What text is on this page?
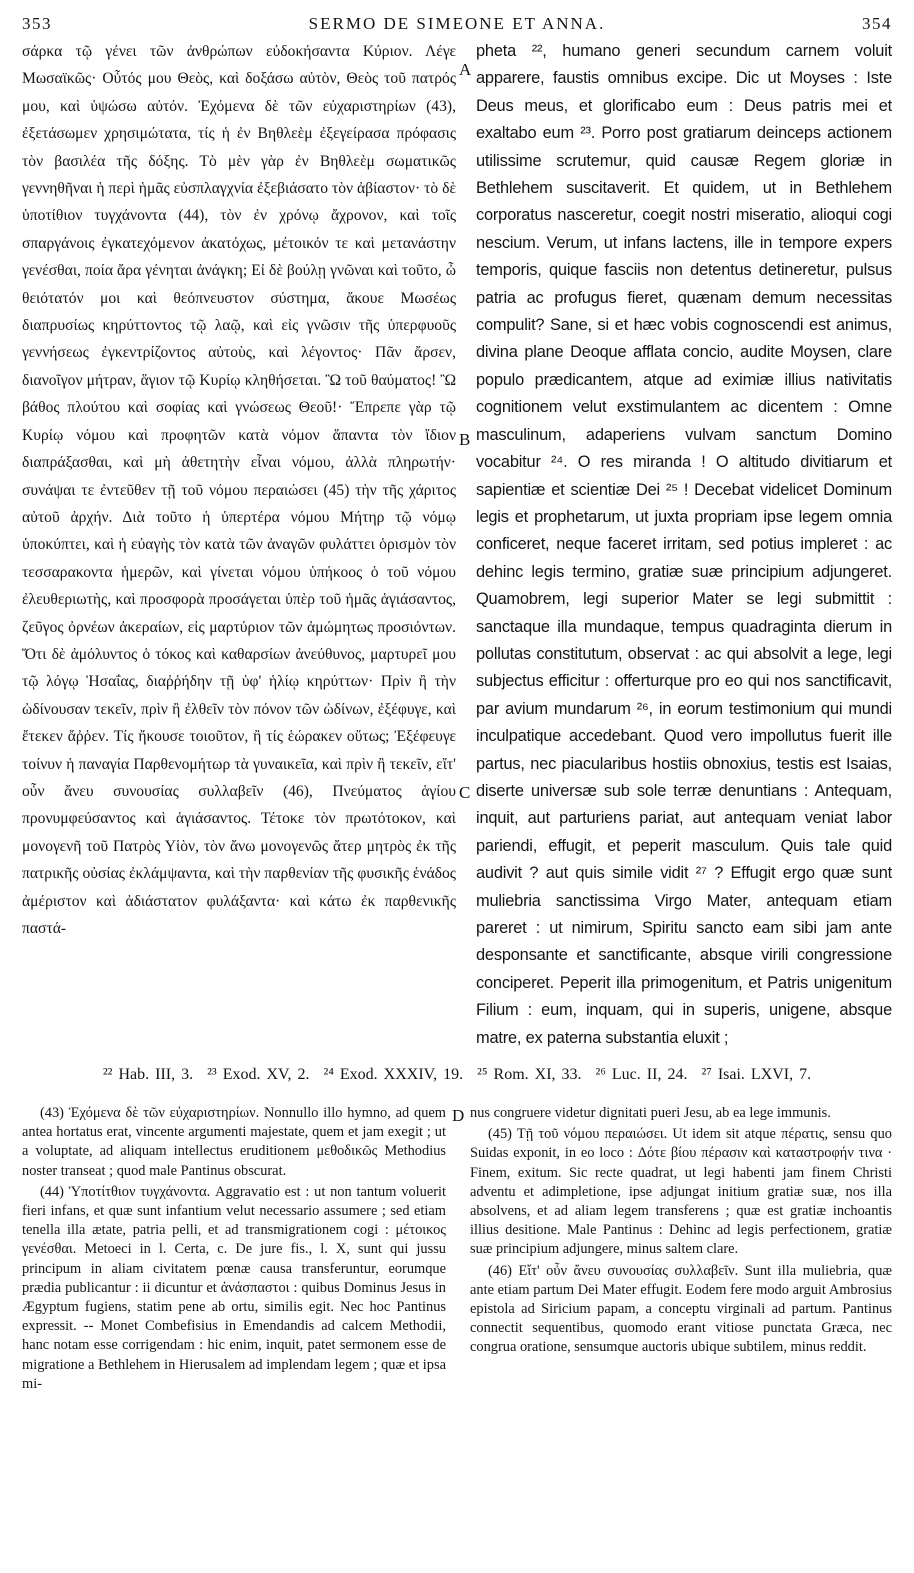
353	SERMO DE SIMEONE ET ANNA.	354

σάρκα τῷ γένει τῶν ἀνθρώπων εὐδοκήσαντα Κύριον. Λέγε Μωσαϊκῶς· Οὗτός μου Θεὸς, καὶ δοξάσω αὐτὸν, Θεὸς τοῦ πατρός μου, καὶ ὑψώσω αὐτόν. Ἐχόμενα δὲ τῶν εὐχαριστηρίων (43), ἐξετάσωμεν χρησιμώτατα, τίς ἡ ἐν Βηθλεὲμ ἐξεγείρασα πρόφασις τὸν βασιλέα τῆς δόξης. Τὸ μὲν γὰρ ἐν Βηθλεὲμ σωματικῶς γεννηθῆναι ἡ περὶ ἡμᾶς εὐσπλαγχνία ἐξεβιάσατο τὸν ἀβίαστον· τὸ δὲ ὑποτίθιον τυγχάνοντα (44), τὸν ἐν χρόνῳ ἄχρονον, καὶ τοῖς σπαργάνοις ἐγκατεχόμενον ἀκατόχως, μέτοικόν τε καὶ μετανάστην γενέσθαι, ποία ἄρα γένηται ἀνάγκη; Εἰ δὲ βούλῃ γνῶναι καὶ τοῦτο, ὦ θειότατόν μοι καὶ θεόπνευστον σύστημα, ἄκουε Μωσέως διαπρυσίως κηρύττοντος τῷ λαῷ, καὶ εἰς γνῶσιν τῆς ὑπερφυοῦς γεννήσεως ἐγκεντρίζοντος αὐτοὺς, καὶ λέγοντος· Πᾶν ἄρσεν, διανοῖγον μήτραν, ἅγιον τῷ Κυρίῳ κληθήσεται. Ὢ τοῦ θαύματος! Ὢ βάθος πλούτου καὶ σοφίας καὶ γνώσεως Θεοῦ!· Ἔπρεπε γὰρ τῷ Κυρίῳ νόμου καὶ προφητῶν κατὰ νόμον ἅπαντα τὸν ἴδιον διαπράξασθαι, καὶ μὴ ἀθετητὴν εἶναι νόμου, ἀλλὰ πληρωτήν· συνάψαι τε ἐντεῦθεν τῇ τοῦ νόμου περαιώσει (45) τὴν τῆς χάριτος αὐτοῦ ἀρχήν. Διὰ τοῦτο ἡ ὑπερτέρα νόμου Μήτηρ τῷ νόμῳ ὑποκύπτει, καὶ ἡ εὐαγὴς τὸν κατὰ τῶν ἀναγῶν φυλάττει ὁρισμὸν τὸν τεσσαρακοντα ἡμερῶν, καὶ γίνεται νόμου ὑπήκοος ὁ τοῦ νόμου ἐλευθεριωτὴς, καὶ προσφορὰ προσάγεται ὑπὲρ τοῦ ἡμᾶς ἁγιάσαντος, ζεῦγος ὀρνέων ἀκεραίων, εἰς μαρτύριον τῶν ἀμώμητως προσιόντων. Ὅτι δὲ ἀμόλυντος ὁ τόκος καὶ καθαρσίων ἀνεύθυνος, μαρτυρεῖ μου τῷ λόγῳ Ἡσαΐας, διαῤῥήδην τῇ ὑφ' ἡλίῳ κηρύττων· Πρὶν ἢ τὴν ὠδίνουσαν τεκεῖν, πρὶν ἢ ἐλθεῖν τὸν πόνον τῶν ὠδίνων, ἐξέφυγε, καὶ ἔτεκεν ἄῤῥεν. Τίς ἤκουσε τοιοῦτον, ἢ τίς ἑώρακεν οὕτως; Ἐξέφευγε τοίνυν ἡ παναγία Παρθενομήτωρ τὰ γυναικεῖα, καὶ πρὶν ἢ τεκεῖν, εἴτ' οὖν ἄνευ συνουσίας συλλαβεῖν (46), Πνεύματος ἁγίου προνυμφεύσαντος καὶ ἁγιάσαντος. Τέτοκε τὸν πρωτότοκον, καὶ μονογενῆ τοῦ Πατρὸς Υἱὸν, τὸν ἄνω μονογενῶς ἄτερ μητρὸς ἐκ τῆς πατρικῆς οὐσίας ἐκλάμψαντα, καὶ τὴν παρθενίαν τῆς φυσικῆς ἑνάδος ἀμέριστον καὶ ἀδιάστατον φυλάξαντα· καὶ κάτω ἐκ παρθενικῆς παστά-

A
B
C

pheta ²², humano generi secundum carnem voluit apparere, faustis omnibus excipe. Dic ut Moyses : Iste Deus meus, et glorificabo eum : Deus patris mei et exaltabo eum ²³. Porro post gratiarum deinceps actionem utilissime scrutemur, quid causæ Regem gloriæ in Bethlehem suscitaverit. Et quidem, ut in Bethlehem corporatus nasceretur, coegit nostri miseratio, alioqui cogi nescium. Verum, ut infans lactens, ille in tempore expers temporis, quique fasciis non detentus detineretur, pulsus patria ac profugus fieret, quænam demum necessitas compulit? Sane, si et hæc vobis cognoscendi est animus, divina plane Deoque afflata concio, audite Moysen, clare populo prædicantem, atque ad eximiæ illius nativitatis cognitionem velut exstimulantem ac dicentem : Omne masculinum, adaperiens vulvam sanctum Domino vocabitur ²⁴. O res miranda ! O altitudo divitiarum et sapientiæ et scientiæ Dei ²⁵ ! Decebat videlicet Dominum legis et prophetarum, ut juxta propriam ipse legem omnia conficeret, neque faceret irritam, sed potius impleret : ac dehinc legis termino, gratiæ suæ principium adjungeret. Quamobrem, legi superior Mater se legi submittit : sanctaque illa mundaque, tempus quadraginta dierum in pollutas constitutum, observat : ac qui absolvit a lege, legi subjectus efficitur : offerturque pro eo qui nos sanctificavit, par avium mundarum ²⁶, in eorum testimonium qui mundi inculpatique accedebant. Quod vero impollutus fuerit ille partus, nec piacularibus hostiis obnoxius, testis est Isaias, diserte universæ sub sole terræ denuntians : Antequam, inquit, aut parturiens pariat, aut antequam veniat labor pariendi, effugit, et peperit masculum. Quis tale quid audivit ? aut quis simile vidit ²⁷ ? Effugit ergo quæ sunt muliebria sanctissima Virgo Mater, antequam etiam pareret : ut nimirum, Spiritu sancto eam sibi jam ante desponsante et sanctificante, absque virili congressione conciperet. Peperit illa primogenitum, et Patris unigenitum Filium : eum, inquam, qui in superis, unigene, absque matre, ex paterna substantia eluxit ;

²² Hab. III, 3. ²³ Exod. XV, 2. ²⁴ Exod. XXXIV, 19. ²⁵ Rom. XI, 33. ²⁶ Luc. II, 24. ²⁷ Isai. LXVI, 7.

(43) Ἐχόμενα δὲ τῶν εὐχαριστηρίων. Nonnullo illo hymno, ad quem antea hortatus erat, vincente argumenti majestate, quem et jam exegit ; ut a voluptate, ad aliquam intellectus eruditionem μεθοδικῶς Methodius noster transeat ; quod male Pantinus obscurat.

(44) Ὑποτίτθιον τυγχάνοντα. Aggravatio est : ut non tantum voluerit fieri infans, et quæ sunt infantium velut necessario assumere ; sed etiam tenella illa ætate, patria pelli, et ad transmigrationem cogi : μέτοικος γενέσθαι. Metoeci in l. Certa, c. De jure fis., l. X, sunt qui jussu principum in aliam civitatem pœnæ causa transferuntur, eorumque prædia publicantur : ii dicuntur et ἀνάσπαστοι : quibus Dominus Jesus in Ægyptum fugiens, statim pene ab ortu, similis egit. Nec hoc Pantinus expressit. -- Monet Combefisius in Emendandis ad calcem Methodii, hanc notam esse corrigendam : hic enim, inquit, patet sermonem esse de migratione a Bethlehem in Hierusalem ad implendam legem ; quæ et ipsa mi-

D nus congruere videtur dignitati pueri Jesu, ab ea lege immunis.

(45) Τῇ τοῦ νόμου περαιώσει. Ut idem sit atque πέρατις, sensu quo Suidas exponit, in eo loco : Δότε βίου πέρασιν καὶ καταστροφήν τινα · Finem, exitum. Sic recte quadrat, ut legi habenti jam finem Christi adventu et adimpletione, ipse adjungat initium gratiæ suæ, nos illa absolvens, et ad aliam legem transferens ; quæ est gratiæ inchoantis illius desitione. Male Pantinus : Dehinc ad legis perfectionem, gratiæ suæ principium adjungere, minus saltem clare.

(46) Εἴτ' οὖν ἄνευ συνουσίας συλλαβεῖν. Sunt illa muliebria, quæ ante etiam partum Dei Mater effugit. Eodem fere modo arguit Ambrosius epistola ad Siricium papam, a conceptu virginali ad partum. Pantinus connectit sequentibus, quomodo erant vitiose punctata Græca, nec congrua oratione, sensumque auctoris ubique subtilem, minus reddit.
